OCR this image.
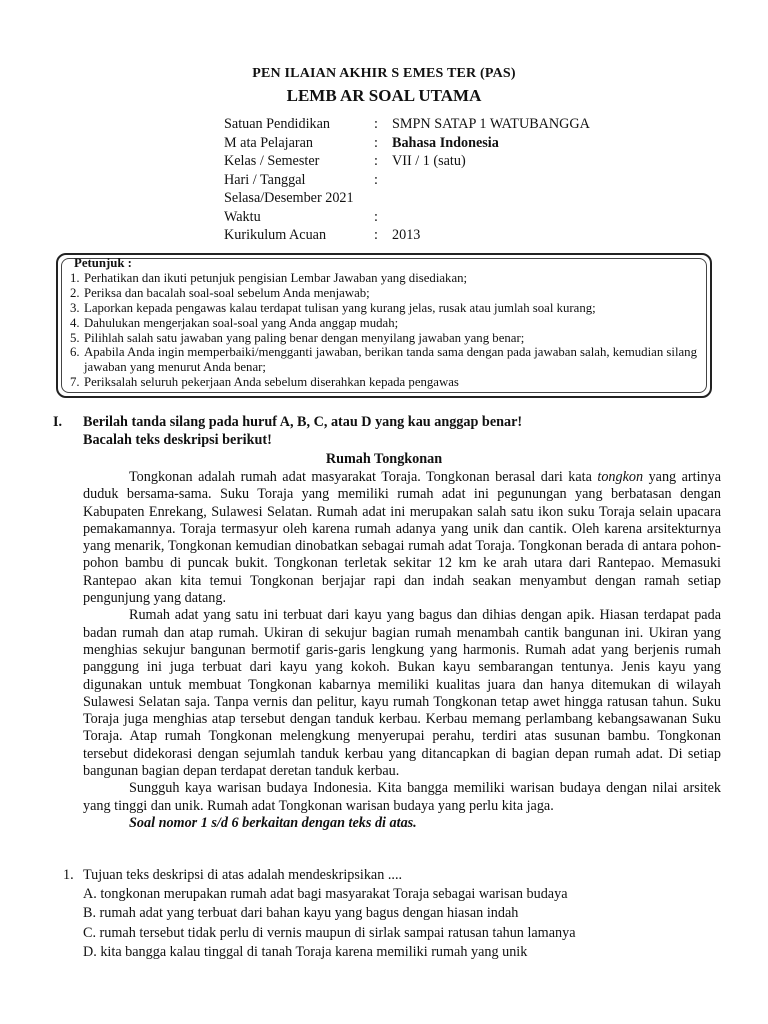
PEN ILAIAN AKHIR S EMES TER (PAS)
LEMB AR SOAL UTAMA
Satuan Pendidikan	: SMPN SATAP 1 WATUBANGGA
M ata Pelajaran	: Bahasa Indonesia
Kelas / Semester	: VII / 1 (satu)
Hari / Tanggal	:
Selasa/Desember 2021
Waktu	:
Kurikulum Acuan	: 2013
Petunjuk :
1. Perhatikan dan ikuti petunjuk pengisian Lembar Jawaban yang disediakan;
2. Periksa dan bacalah soal-soal sebelum Anda menjawab;
3. Laporkan kepada pengawas kalau terdapat tulisan yang kurang jelas, rusak atau jumlah soal kurang;
4. Dahulukan mengerjakan soal-soal yang Anda anggap mudah;
5. Pilihlah salah satu jawaban yang paling benar dengan menyilang jawaban yang benar;
6. Apabila Anda ingin memperbaiki/mengganti jawaban, berikan tanda sama dengan pada jawaban salah, kemudian silang jawaban yang menurut Anda benar;
7. Periksalah seluruh pekerjaan Anda sebelum diserahkan kepada pengawas
I. Berilah tanda silang pada huruf A, B, C, atau D yang kau anggap benar!
Bacalah teks deskripsi berikut!
Rumah Tongkonan

Tongkonan adalah rumah adat masyarakat Toraja. Tongkonan berasal dari kata tongkon yang artinya duduk bersama-sama. Suku Toraja yang memiliki rumah adat ini pegunungan yang berbatasan dengan Kabupaten Enrekang, Sulawesi Selatan. Rumah adat ini merupakan salah satu ikon suku Toraja selain upacara pemakamannya. Toraja termasyur oleh karena rumah adanya yang unik dan cantik. Oleh karena arsitekturnya yang menarik, Tongkonan kemudian dinobatkan sebagai rumah adat Toraja. Tongkonan berada di antara pohon-pohon bambu di puncak bukit. Tongkonan terletak sekitar 12 km ke arah utara dari Rantepao. Memasuki Rantepao akan kita temui Tongkonan berjajar rapi dan indah seakan menyambut dengan ramah setiap pengunjung yang datang.

Rumah adat yang satu ini terbuat dari kayu yang bagus dan dihias dengan apik. Hiasan terdapat pada badan rumah dan atap rumah. Ukiran di sekujur bagian rumah menambah cantik bangunan ini. Ukiran yang menghias sekujur bangunan bermotif garis-garis lengkung yang harmonis. Rumah adat yang berjenis rumah panggung ini juga terbuat dari kayu yang kokoh. Bukan kayu sembarangan tentunya. Jenis kayu yang digunakan untuk membuat Tongkonan kabarnya memiliki kualitas juara dan hanya ditemukan di wilayah Sulawesi Selatan saja. Tanpa vernis dan pelitur, kayu rumah Tongkonan tetap awet hingga ratusan tahun. Suku Toraja juga menghias atap tersebut dengan tanduk kerbau. Kerbau memang perlambang kebangsawanan Suku Toraja. Atap rumah Tongkonan melengkung menyerupai perahu, terdiri atas susunan bambu. Tongkonan tersebut didekorasi dengan sejumlah tanduk kerbau yang ditancapkan di bagian depan rumah adat. Di setiap bangunan bagian depan terdapat deretan tanduk kerbau.

Sungguh kaya warisan budaya Indonesia. Kita bangga memiliki warisan budaya dengan nilai arsitek yang tinggi dan unik. Rumah adat Tongkonan warisan budaya yang perlu kita jaga.

Soal nomor 1 s/d 6 berkaitan dengan teks di atas.

1. Tujuan teks deskripsi di atas adalah mendeskripsikan ....
A. tongkonan merupakan rumah adat bagi masyarakat Toraja sebagai warisan budaya
B. rumah adat yang terbuat dari bahan kayu yang bagus dengan hiasan indah
C. rumah tersebut tidak perlu di vernis maupun di sirlak sampai ratusan tahun lamanya
D. kita bangga kalau tinggal di tanah Toraja karena memiliki rumah yang unik
